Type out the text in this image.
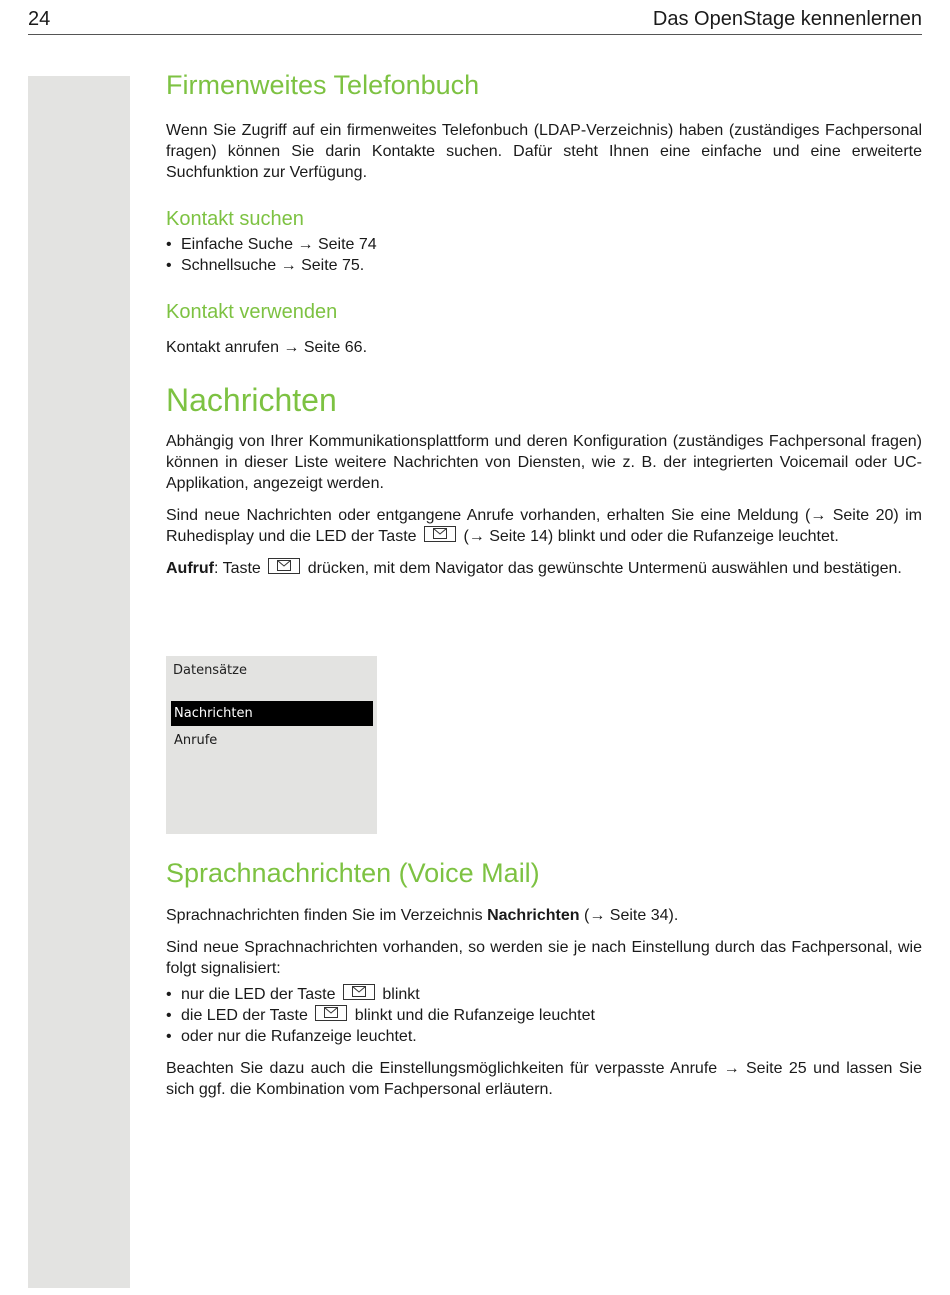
24	Das OpenStage kennenlernen
Firmenweites Telefonbuch

Wenn Sie Zugriff auf ein firmenweites Telefonbuch (LDAP-Verzeichnis) haben (zuständiges Fachpersonal fragen) können Sie darin Kontakte suchen. Dafür steht Ihnen eine einfache und eine erweiterte Suchfunktion zur Verfügung.

Kontakt suchen
• Einfache Suche → Seite 74
• Schnellsuche → Seite 75.
Kontakt verwenden

Kontakt anrufen → Seite 66.

Nachrichten

Abhängig von Ihrer Kommunikationsplattform und deren Konfiguration (zuständiges Fachpersonal fragen) können in dieser Liste weitere Nachrichten von Diensten, wie z. B. der integrierten Voicemail oder UC-Applikation, angezeigt werden.

Sind neue Nachrichten oder entgangene Anrufe vorhanden, erhalten Sie eine Meldung (→ Seite 20) im Ruhedisplay und die LED der Taste	(→ Seite 14) blinkt und oder die Rufanzeige leuchtet.

Aufruf: Taste	drücken, mit dem Navigator das gewünschte Untermenü auswählen und bestätigen.

Datensätze
Nachrichten
Anrufe
Sprachnachrichten (Voice Mail)

Sprachnachrichten finden Sie im Verzeichnis Nachrichten (→ Seite 34).

Sind neue Sprachnachrichten vorhanden, so werden sie je nach Einstellung durch das Fachpersonal, wie folgt signalisiert:

• nur die LED der Taste	blinkt
• die LED der Taste	blinkt und die Rufanzeige leuchtet
• oder nur die Rufanzeige leuchtet.

Beachten Sie dazu auch die Einstellungsmöglichkeiten für verpasste Anrufe → Seite 25 und lassen Sie sich ggf. die Kombination vom Fachpersonal erläutern.
